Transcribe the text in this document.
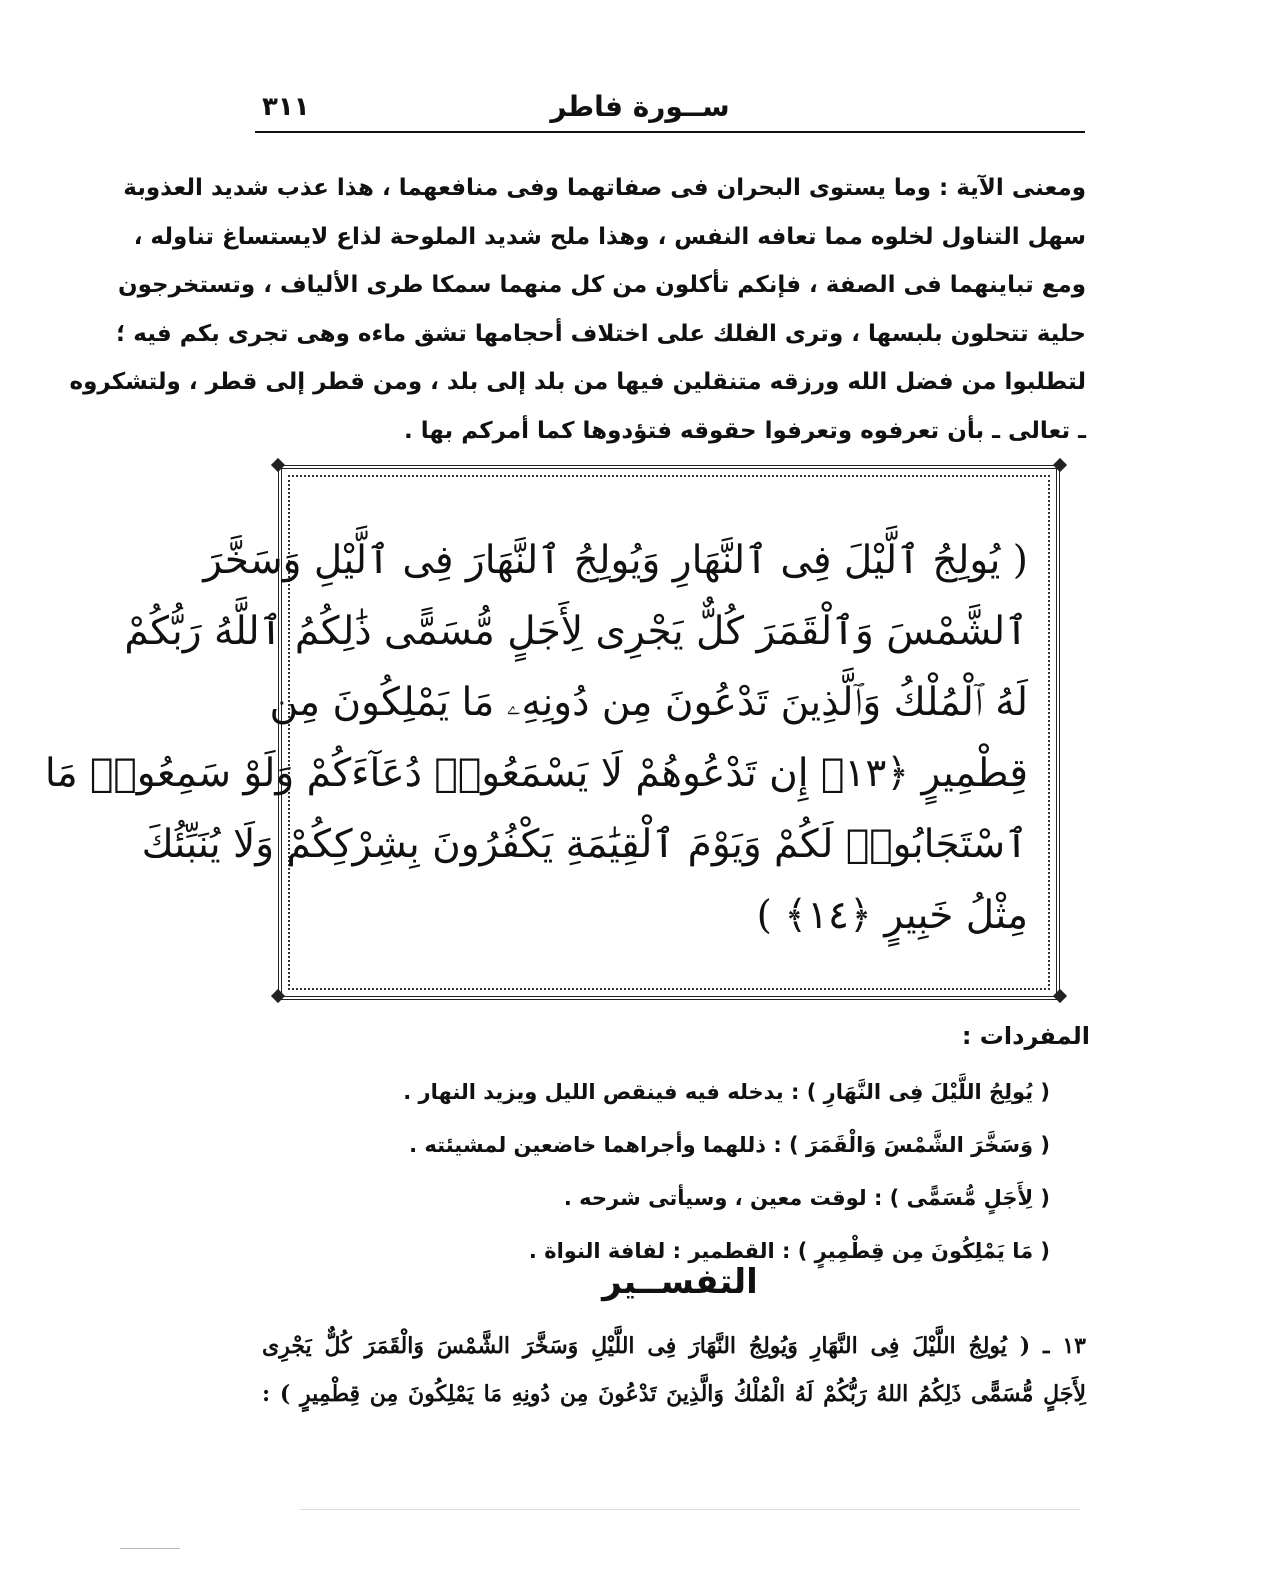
ســورة فاطر
٣١١
ومعنى الآية : وما يستوى البحران فى صفاتهما وفى منافعهما ، هذا عذب شديد العذوبة
سهل التناول لخلوه مما تعافه النفس ، وهذا ملح شديد الملوحة لذاع لايستساغ تناوله ،
ومع تباينهما فى الصفة ، فإنكم تأكلون من كل منهما سمكا طرى الألياف ، وتستخرجون
حلية تتحلون بلبسها ، وترى الفلك على اختلاف أحجامها تشق ماءه وهى تجرى بكم فيه ؛
لتطلبوا من فضل الله ورزقه متنقلين فيها من بلد إلى بلد ، ومن قطر إلى قطر ، ولتشكروه
ـ تعالى ـ بأن تعرفوه وتعرفوا حقوقه فتؤدوها كما أمركم بها .
( يُولِجُ ٱلَّيْلَ فِى ٱلنَّهَارِ وَيُولِجُ ٱلنَّهَارَ فِى ٱلَّيْلِ وَسَخَّرَ
ٱلشَّمْسَ وَٱلْقَمَرَ كُلٌّ يَجْرِى لِأَجَلٍ مُّسَمًّى ذَٰلِكُمُ ٱللَّهُ رَبُّكُمْ
لَهُ ٱلْمُلْكُ وَٱلَّذِينَ تَدْعُونَ مِن دُونِهِۦ مَا يَمْلِكُونَ مِن
قِطْمِيرٍ ﴿١٣﴾ إِن تَدْعُوهُمْ لَا يَسْمَعُوا۟ دُعَآءَكُمْ وَلَوْ سَمِعُوا۟ مَا
ٱسْتَجَابُوا۟ لَكُمْ وَيَوْمَ ٱلْقِيَٰمَةِ يَكْفُرُونَ بِشِرْكِكُمْ وَلَا يُنَبِّئُكَ
مِثْلُ خَبِيرٍ ﴿١٤﴾ )
المفردات :
( يُولِجُ اللَّيْلَ فِى النَّهَارِ ) : يدخله فيه فينقص الليل ويزيد النهار .
( وَسَخَّرَ الشَّمْسَ وَالْقَمَرَ ) : ذللهما وأجراهما خاضعين لمشيئته .
( لِأَجَلٍ مُّسَمًّى ) : لوقت معين ، وسيأتى شرحه .
( مَا يَمْلِكُونَ مِن قِطْمِيرٍ ) : القطمير : لفافة النواة .
التفســير
١٣ ـ ( يُولِجُ اللَّيْلَ فِى النَّهَارِ وَيُولِجُ النَّهَارَ فِى اللَّيْلِ وَسَخَّرَ الشَّمْسَ وَالْقَمَرَ كُلٌّ يَجْرِى
لِأَجَلٍ مُّسَمًّى ذَلِكُمُ اللهُ رَبُّكُمْ لَهُ الْمُلْكُ وَالَّذِينَ تَدْعُونَ مِن دُونِهِ مَا يَمْلِكُونَ مِن قِطْمِيرٍ ) :
